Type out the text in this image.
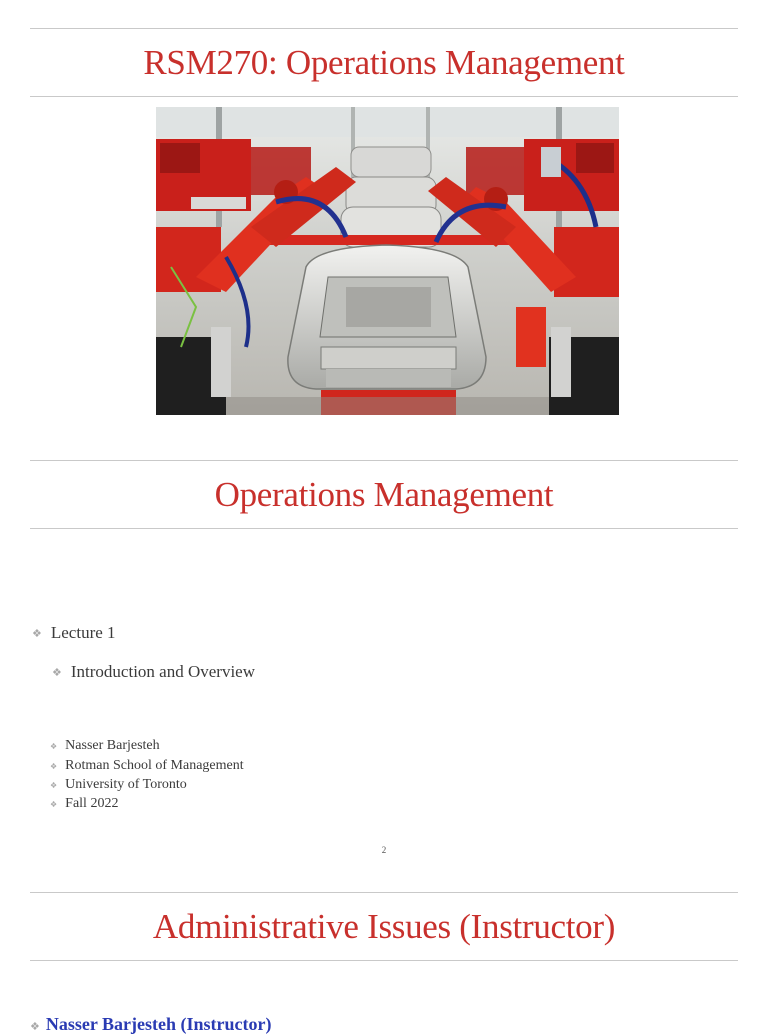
RSM270: Operations Management
Operations Management
❖ Lecture 1
❖ Introduction and Overview
❖ Nasser Barjesteh
❖ Rotman School of Management
❖ University of Toronto
❖ Fall 2022
2
Administrative Issues (Instructor)
❖ Nasser Barjesteh (Instructor)
